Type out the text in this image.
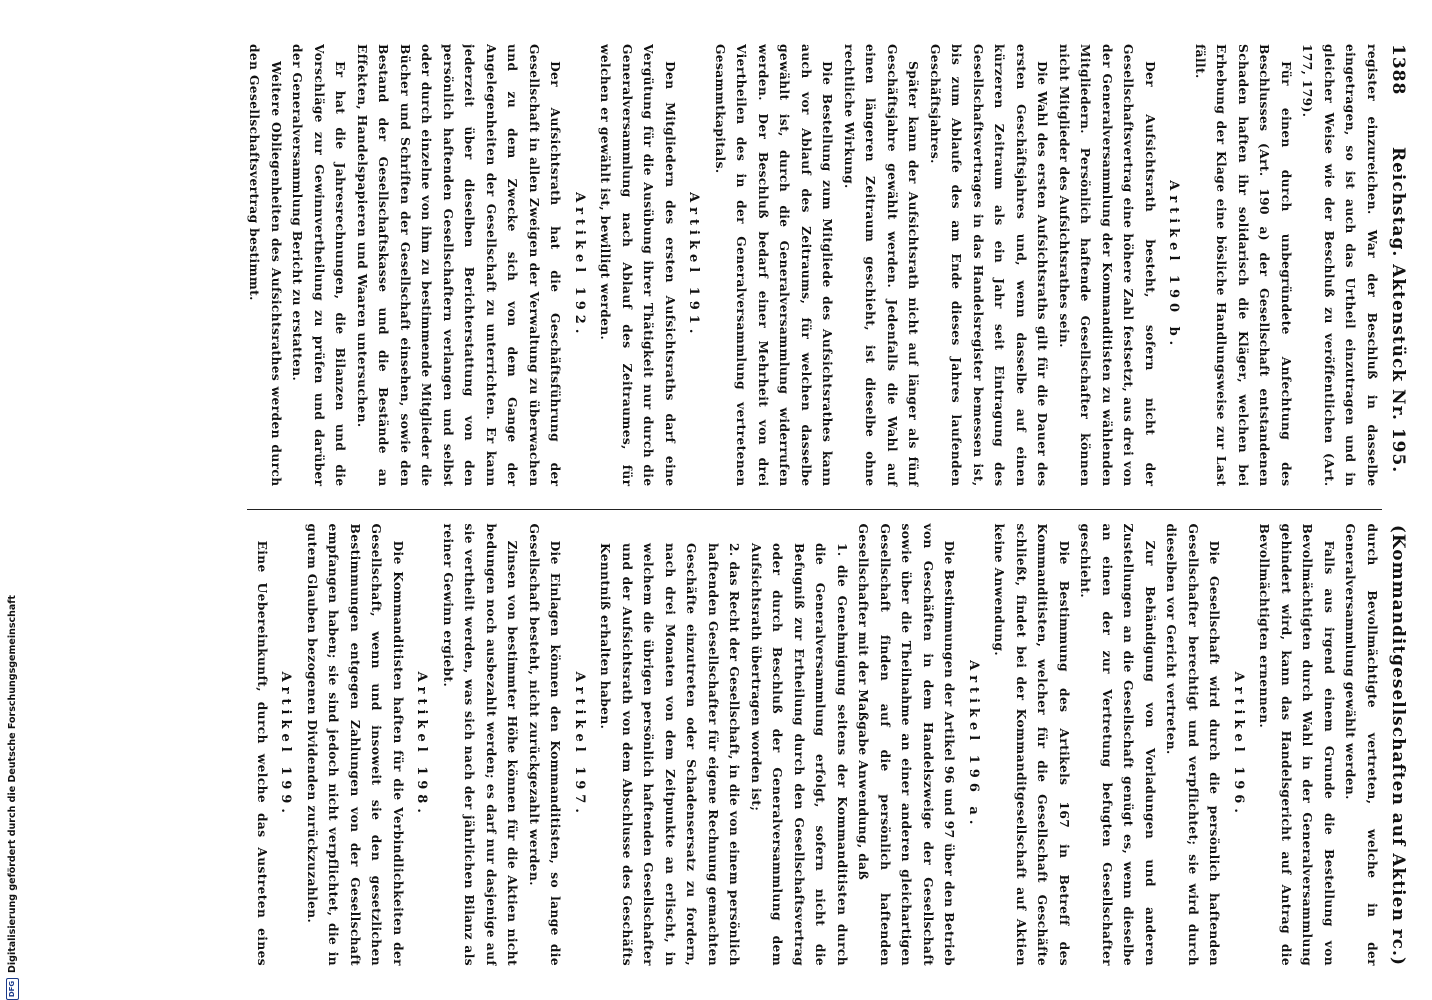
1388
Reichstag. Aktenstück Nr. 195.
(Kommanditgesellschaften auf Aktien rc.)

register einzureichen. War der Beschluß in dasselbe eingetragen, so ist auch das Urtheil einzutragen und in gleicher Weise wie der Beschluß zu veröffentlichen (Art. 177, 179).

Für einen durch unbegründete Anfechtung des Beschlusses (Art. 190 a) der Gesellschaft entstandenen Schaden haften ihr solidarisch die Kläger, welchen bei Erhebung der Klage eine bösliche Handlungsweise zur Last fällt.

Artikel 190 b.

Der Aufsichtsrath besteht, sofern nicht der Gesellschaftsvertrag eine höhere Zahl festsetzt, aus drei von der Generalversammlung der Kommanditisten zu wählenden Mitgliedern. Persönlich haftende Gesellschafter können nicht Mitglieder des Aufsichtsrathes sein.

Die Wahl des ersten Aufsichtsraths gilt für die Dauer des ersten Geschäftsjahres und, wenn dasselbe auf einen kürzeren Zeitraum als ein Jahr seit Eintragung des Gesellschaftsvertrages in das Handelsregister bemessen ist, bis zum Ablaufe des am Ende dieses Jahres laufenden Geschäftsjahres.

Später kann der Aufsichtsrath nicht auf länger als fünf Geschäftsjahre gewählt werden. Jedenfalls die Wahl auf einen längeren Zeitraum geschieht, ist dieselbe ohne rechtliche Wirkung.

Die Bestellung zum Mitgliede des Aufsichtsrathes kann auch vor Ablauf des Zeitraums, für welchen dasselbe gewählt ist, durch die Generalversammlung widerrufen werden. Der Beschluß bedarf einer Mehrheit von drei Viertheilen des in der Generalversammlung vertretenen Gesammtkapitals.

Artikel 191.

Den Mitgliedern des ersten Aufsichtsraths darf eine Vergütung für die Ausübung ihrer Thätigkeit nur durch die Generalversammlung nach Ablauf des Zeitraumes, für welchen er gewählt ist, bewilligt werden.

Artikel 192.

Der Aufsichtsrath hat die Geschäftsführung der Gesellschaft in allen Zweigen der Verwaltung zu überwachen und zu dem Zwecke sich von dem Gange der Angelegenheiten der Gesellschaft zu unterrichten. Er kann jederzeit über dieselben Berichterstattung von den persönlich haftenden Gesellschaftern verlangen und selbst oder durch einzelne von ihm zu bestimmende Mitglieder die Bücher und Schriften der Gesellschaft einsehen, sowie den Bestand der Gesellschaftskasse und die Bestände an Effekten, Handelspapieren und Waaren untersuchen.

Er hat die Jahresrechnungen, die Bilanzen und die Vorschläge zur Gewinnvertheilung zu prüfen und darüber der Generalversammlung Bericht zu erstatten.

Weitere Obliegenheiten des Aufsichtsrathes werden durch den Gesellschaftsvertrag bestimmt.

durch Bevollmächtigte vertreten, welche in der Generalversammlung gewählt werden.

Falls aus irgend einem Grunde die Bestellung von Bevollmächtigten durch Wahl in der Generalversammlung gehindert wird, kann das Handelsgericht auf Antrag die Bevollmächtigten ernennen.

Artikel 196.

Die Gesellschaft wird durch die persönlich haftenden Gesellschafter berechtigt und verpflichtet; sie wird durch dieselben vor Gericht vertreten.

Zur Behändigung von Vorladungen und anderen Zustellungen an die Gesellschaft genügt es, wenn dieselbe an einen der zur Vertretung befugten Gesellschafter geschieht.

Die Bestimmung des Artikels 167 in Betreff des Kommanditisten, welcher für die Gesellschaft Geschäfte schließt, findet bei der Kommanditgesellschaft auf Aktien keine Anwendung.

Artikel 196 a.

Die Bestimmungen der Artikel 96 und 97 über den Betrieb von Geschäften in dem Handelszweige der Gesellschaft sowie über die Theilnahme an einer anderen gleichartigen Gesellschaft finden auf die persönlich haftenden Gesellschafter mit der Maßgabe Anwendung, daß

1. die Genehmigung seitens der Kommanditisten durch die Generalversammlung erfolgt, sofern nicht die Befugniß zur Ertheilung durch den Gesellschaftsvertrag oder durch Beschluß der Generalversammlung dem Aufsichtsrath übertragen worden ist;

2. das Recht der Gesellschaft, in die von einem persönlich haftenden Gesellschafter für eigene Rechnung gemachten Geschäfte einzutreten oder Schadensersatz zu fordern, nach drei Monaten von dem Zeitpunkte an erlischt, in welchem die übrigen persönlich haftenden Gesellschafter und der Aufsichtsrath von dem Abschlusse des Geschäfts Kenntniß erhalten haben.

Artikel 197.

Die Einlagen können den Kommanditisten, so lange die Gesellschaft besteht, nicht zurückgezahlt werden.

Zinsen von bestimmter Höhe können für die Aktien nicht bedungen noch ausbezahlt werden; es darf nur dasjenige auf sie vertheilt werden, was sich nach der jährlichen Bilanz als reiner Gewinn ergiebt.

Artikel 198.

Die Kommanditisten haften für die Verbindlichkeiten der Gesellschaft, wenn und insoweit sie den gesetzlichen Bestimmungen entgegen Zahlungen von der Gesellschaft empfangen haben; sie sind jedoch nicht verpflichtet, die in gutem Glauben bezogenen Dividenden zurückzuzahlen.

Artikel 199.

Eine Uebereinkunft, durch welche das Austreten eines

DFG
Digitalisierung gefördert durch die Deutsche Forschungsgemeinschaft
